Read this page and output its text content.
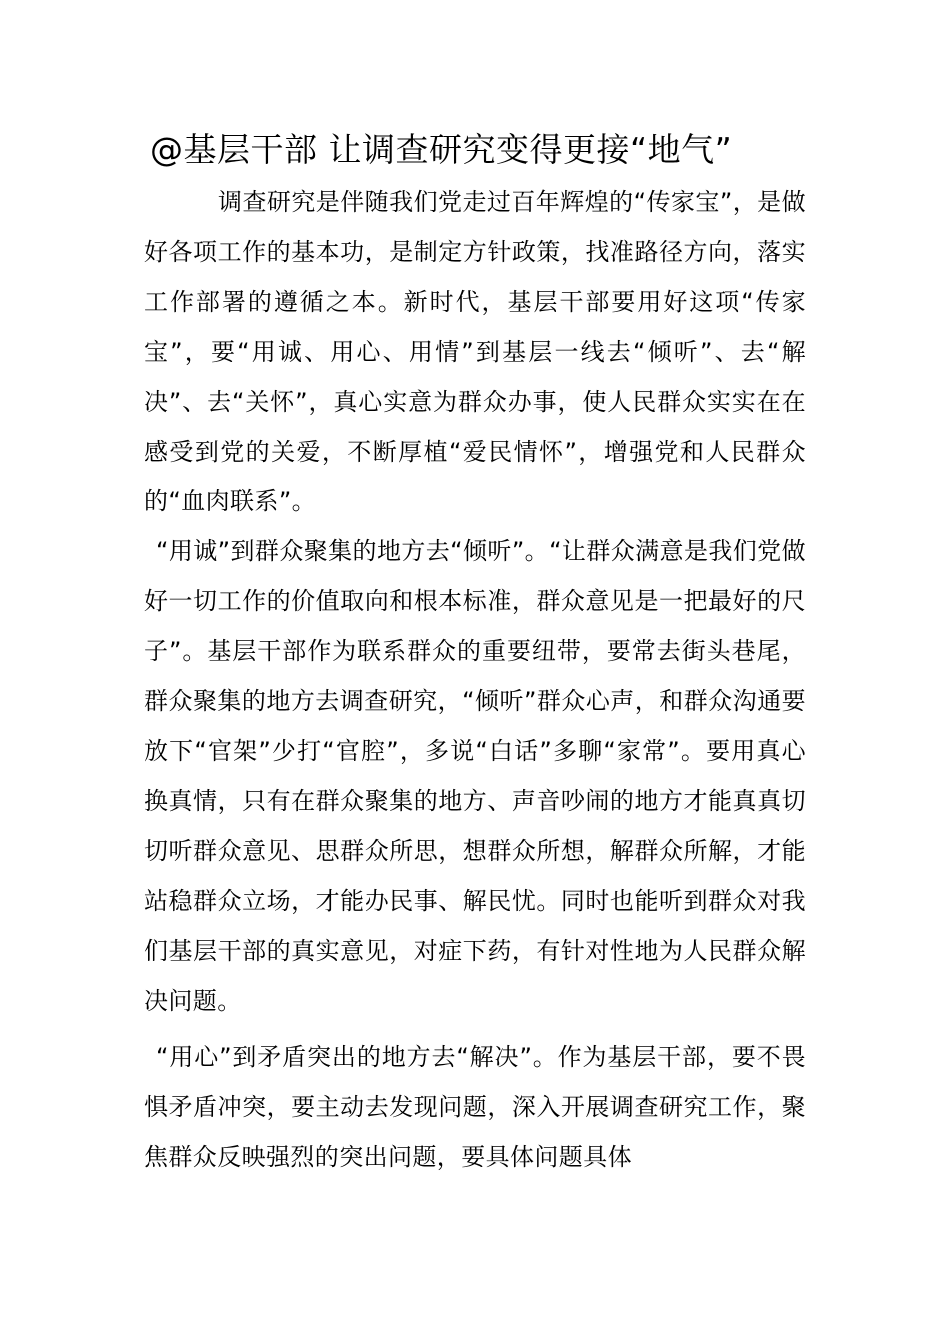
@基层干部 让调查研究变得更接“地气”

调查研究是伴随我们党走过百年辉煌的“传家宝”，是做好各项工作的基本功，是制定方针政策，找准路径方向，落实工作部署的遵循之本。新时代，基层干部要用好这项“传家宝”，要“用诚、用心、用情”到基层一线去“倾听”、去“解决”、去“关怀”，真心实意为群众办事，使人民群众实实在在感受到党的关爱，不断厚植“爱民情怀”，增强党和人民群众的“血肉联系”。

“用诚”到群众聚集的地方去“倾听”。“让群众满意是我们党做好一切工作的价值取向和根本标准，群众意见是一把最好的尺子”。基层干部作为联系群众的重要纽带，要常去街头巷尾，群众聚集的地方去调查研究，“倾听”群众心声，和群众沟通要放下“官架”少打“官腔”，多说“白话”多聊“家常”。要用真心换真情，只有在群众聚集的地方、声音吵闹的地方才能真真切切听群众意见、思群众所思，想群众所想，解群众所解，才能站稳群众立场，才能办民事、解民忧。同时也能听到群众对我们基层干部的真实意见，对症下药，有针对性地为人民群众解决问题。

“用心”到矛盾突出的地方去“解决”。作为基层干部，要不畏惧矛盾冲突，要主动去发现问题，深入开展调查研究工作，聚焦群众反映强烈的突出问题，要具体问题具体
